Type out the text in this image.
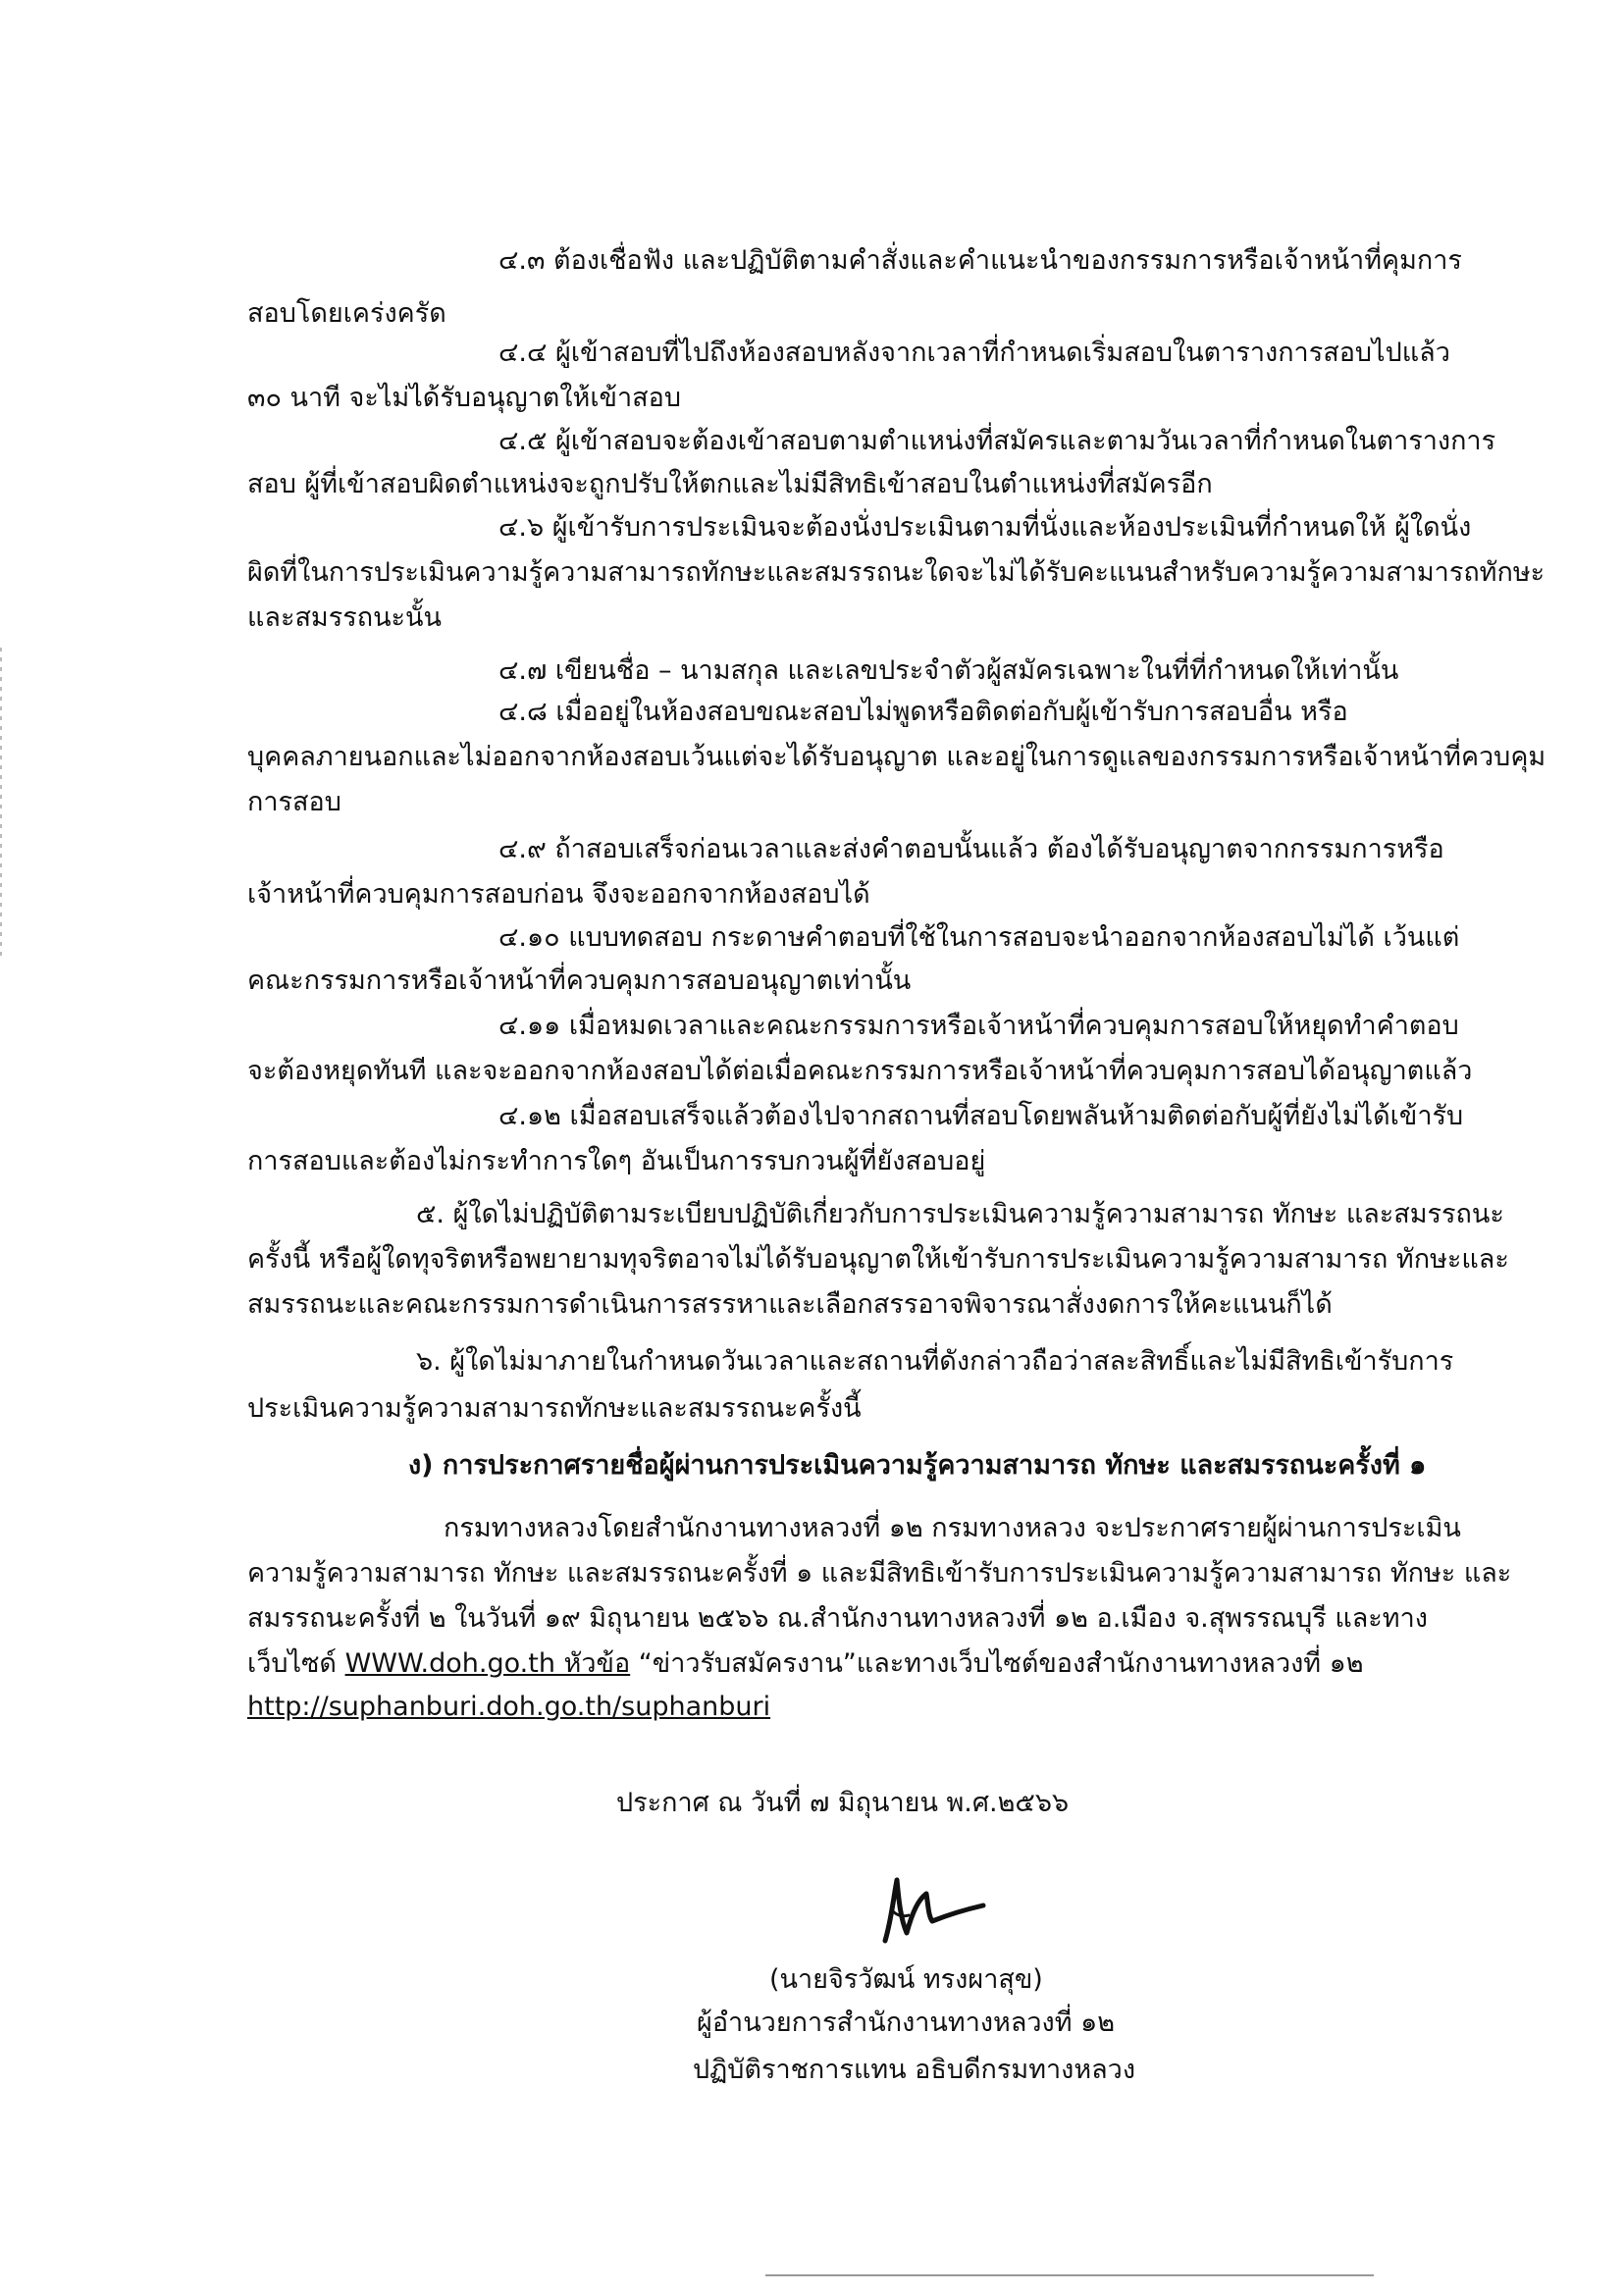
๔.๓ ต้องเชื่อฟัง และปฏิบัติตามคำสั่งและคำแนะนำของกรรมการหรือเจ้าหน้าที่คุมการ
สอบโดยเคร่งครัด
๔.๔ ผู้เข้าสอบที่ไปถึงห้องสอบหลังจากเวลาที่กำหนดเริ่มสอบในตารางการสอบไปแล้ว
๓๐ นาที จะไม่ได้รับอนุญาตให้เข้าสอบ
๔.๕ ผู้เข้าสอบจะต้องเข้าสอบตามตำแหน่งที่สมัครและตามวันเวลาที่กำหนดในตารางการ
สอบ ผู้ที่เข้าสอบผิดตำแหน่งจะถูกปรับให้ตกและไม่มีสิทธิเข้าสอบในตำแหน่งที่สมัครอีก
๔.๖ ผู้เข้ารับการประเมินจะต้องนั่งประเมินตามที่นั่งและห้องประเมินที่กำหนดให้ ผู้ใดนั่ง
ผิดที่ในการประเมินความรู้ความสามารถทักษะและสมรรถนะใดจะไม่ได้รับคะแนนสำหรับความรู้ความสามารถทักษะ
และสมรรถนะนั้น
๔.๗ เขียนชื่อ – นามสกุล และเลขประจำตัวผู้สมัครเฉพาะในที่ที่กำหนดให้เท่านั้น
๔.๘ เมื่ออยู่ในห้องสอบขณะสอบไม่พูดหรือติดต่อกับผู้เข้ารับการสอบอื่น หรือ
บุคคลภายนอกและไม่ออกจากห้องสอบเว้นแต่จะได้รับอนุญาต และอยู่ในการดูแลของกรรมการหรือเจ้าหน้าที่ควบคุม
การสอบ
๔.๙ ถ้าสอบเสร็จก่อนเวลาและส่งคำตอบนั้นแล้ว ต้องได้รับอนุญาตจากกรรมการหรือ
เจ้าหน้าที่ควบคุมการสอบก่อน จึงจะออกจากห้องสอบได้
๔.๑๐ แบบทดสอบ กระดาษคำตอบที่ใช้ในการสอบจะนำออกจากห้องสอบไม่ได้ เว้นแต่
คณะกรรมการหรือเจ้าหน้าที่ควบคุมการสอบอนุญาตเท่านั้น
๔.๑๑ เมื่อหมดเวลาและคณะกรรมการหรือเจ้าหน้าที่ควบคุมการสอบให้หยุดทำคำตอบ
จะต้องหยุดทันที และจะออกจากห้องสอบได้ต่อเมื่อคณะกรรมการหรือเจ้าหน้าที่ควบคุมการสอบได้อนุญาตแล้ว
๔.๑๒ เมื่อสอบเสร็จแล้วต้องไปจากสถานที่สอบโดยพลันห้ามติดต่อกับผู้ที่ยังไม่ได้เข้ารับ
การสอบและต้องไม่กระทำการใดๆ อันเป็นการรบกวนผู้ที่ยังสอบอยู่
๕. ผู้ใดไม่ปฏิบัติตามระเบียบปฏิบัติเกี่ยวกับการประเมินความรู้ความสามารถ ทักษะ และสมรรถนะ
ครั้งนี้ หรือผู้ใดทุจริตหรือพยายามทุจริตอาจไม่ได้รับอนุญาตให้เข้ารับการประเมินความรู้ความสามารถ ทักษะและ
สมรรถนะและคณะกรรมการดำเนินการสรรหาและเลือกสรรอาจพิจารณาสั่งงดการให้คะแนนก็ได้
๖. ผู้ใดไม่มาภายในกำหนดวันเวลาและสถานที่ดังกล่าวถือว่าสละสิทธิ์และไม่มีสิทธิเข้ารับการ
ประเมินความรู้ความสามารถทักษะและสมรรถนะครั้งนี้
ง) การประกาศรายชื่อผู้ผ่านการประเมินความรู้ความสามารถ ทักษะ และสมรรถนะครั้งที่ ๑
กรมทางหลวงโดยสำนักงานทางหลวงที่ ๑๒ กรมทางหลวง จะประกาศรายผู้ผ่านการประเมิน
ความรู้ความสามารถ ทักษะ และสมรรถนะครั้งที่ ๑ และมีสิทธิเข้ารับการประเมินความรู้ความสามารถ ทักษะ และ
สมรรถนะครั้งที่ ๒ ในวันที่ ๑๙ มิถุนายน ๒๕๖๖ ณ.สำนักงานทางหลวงที่ ๑๒ อ.เมือง จ.สุพรรณบุรี และทาง
เว็บไซด์ WWW.doh.go.th หัวข้อ “ข่าวรับสมัครงาน”และทางเว็บไซต์ของสำนักงานทางหลวงที่ ๑๒
http://suphanburi.doh.go.th/suphanburi
ประกาศ ณ วันที่ ๗ มิถุนายน พ.ศ.๒๕๖๖
(นายจิรวัฒน์ ทรงผาสุข)
ผู้อำนวยการสำนักงานทางหลวงที่ ๑๒
ปฏิบัติราชการแทน อธิบดีกรมทางหลวง
